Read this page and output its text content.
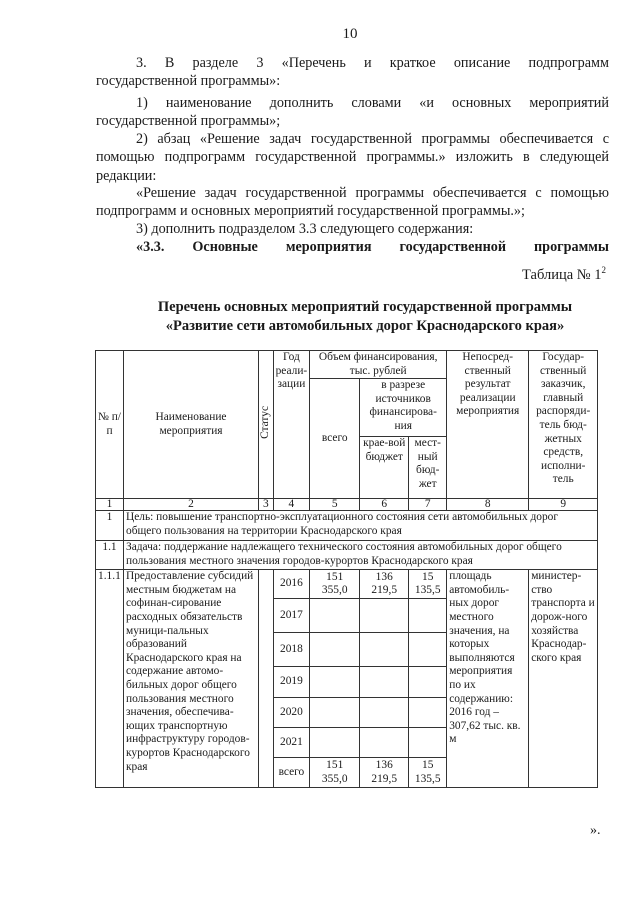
10
3. В разделе 3 «Перечень и краткое описание подпрограмм
государственной программы»:
1) наименование дополнить словами «и основных мероприятий
государственной программы»;
2) абзац «Решение задач государственной программы обеспечивается с помощью подпрограмм государственной программы.» изложить в следующей редакции:
«Решение задач государственной программы обеспечивается с помощью подпрограмм и основных мероприятий государственной программы.»;
3) дополнить подразделом 3.3 следующего содержания:
«3.3. Основные мероприятия государственной программы
Таблица № $1^2$
Перечень основных мероприятий государственной программы
«Развитие сети автомобильных дорог Краснодарского края»
№ п/п	Наименование мероприятия	Статус	Год реали-зации	Объем финансирования, тыс. рублей			Непосред-ственный результат реализации мероприятия	Государ-ственный заказчик, главный распоряди-тель бюд-жетных средств, исполни-тель
				всего	в разрезе источников финансирова-ния			
					крае-вой бюджет	мест-ный бюд-жет		
1	2	3	4	5	6	7	8	9
1	Цель: повышение транспортно-эксплуатационного состояния сети автомобильных дорог общего пользования на территории Краснодарского края							
1.1	Задача: поддержание надлежащего технического состояния автомобильных дорог общего пользования местного значения городов-курортов Краснодарского края							
1.1.1	Предоставление субсидий местным бюджетам на софинан-сирование расходных обязательств муници-пальных образований Краснодарского края на содержание автомо-бильных дорог общего пользования местного значения, обеспечива-ющих транспортную инфраструктуру городов-курортов Краснодарского края		2016	151 355,0	136 219,5	15 135,5	площадь автомобиль-ных дорог местного значения, на которых выполняются мероприятия по их содержанию: 2016 год – 307,62 тыс. кв. м	министер-ство транспорта и дорож-ного хозяйства Краснодар-ского края
			2017					
			2018					
			2019					
			2020					
			2021					
			всего	151 355,0	136 219,5	15 135,5		
».
